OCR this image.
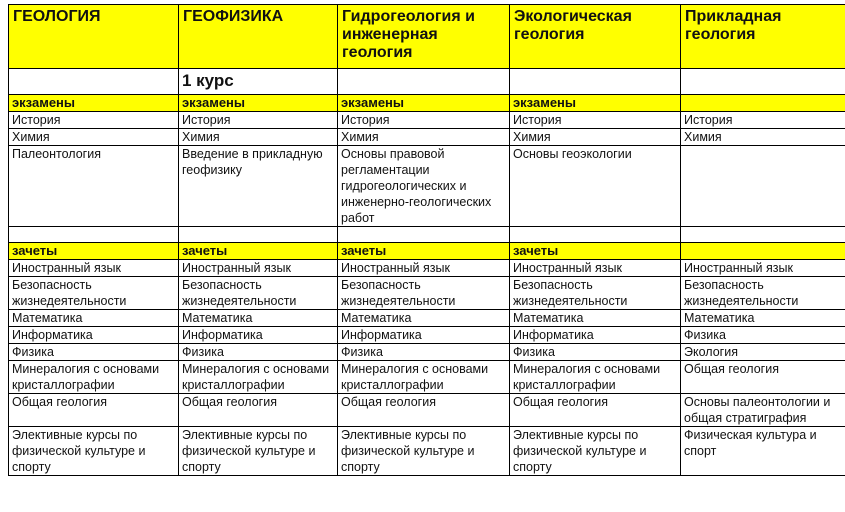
ГЕОЛОГИЯ	ГЕОФИЗИКА	Гидрогеология и инженерная геология	Экологическая геология	Прикладная геология
	1 курс			
экзамены	экзамены	экзамены	экзамены	
История	История	История	История	История
Химия	Химия	Химия	Химия	Химия
Палеонтология	Введение в прикладную геофизику	Основы правовой регламентации гидрогеологических и инженерно-геологических работ	Основы геоэкологии	

зачеты	зачеты	зачеты	зачеты	
Иностранный язык	Иностранный язык	Иностранный язык	Иностранный язык	Иностранный язык
Безопасность жизнедеятельности	Безопасность жизнедеятельности	Безопасность жизнедеятельности	Безопасность жизнедеятельности	Безопасность жизнедеятельности
Математика	Математика	Математика	Математика	Математика
Информатика	Информатика	Информатика	Информатика	Физика
Физика	Физика	Физика	Физика	Экология
Минералогия с основами кристаллографии	Минералогия с основами кристаллографии	Минералогия с основами кристаллографии	Минералогия с основами кристаллографии	Общая геология
Общая геология	Общая геология	Общая геология	Общая геология	Основы палеонтологии и общая стратиграфия
Элективные курсы по физической культуре и спорту	Элективные курсы по физической культуре и спорту	Элективные курсы по физической культуре и спорту	Элективные курсы по физической культуре и спорту	Физическая культура и спорт
